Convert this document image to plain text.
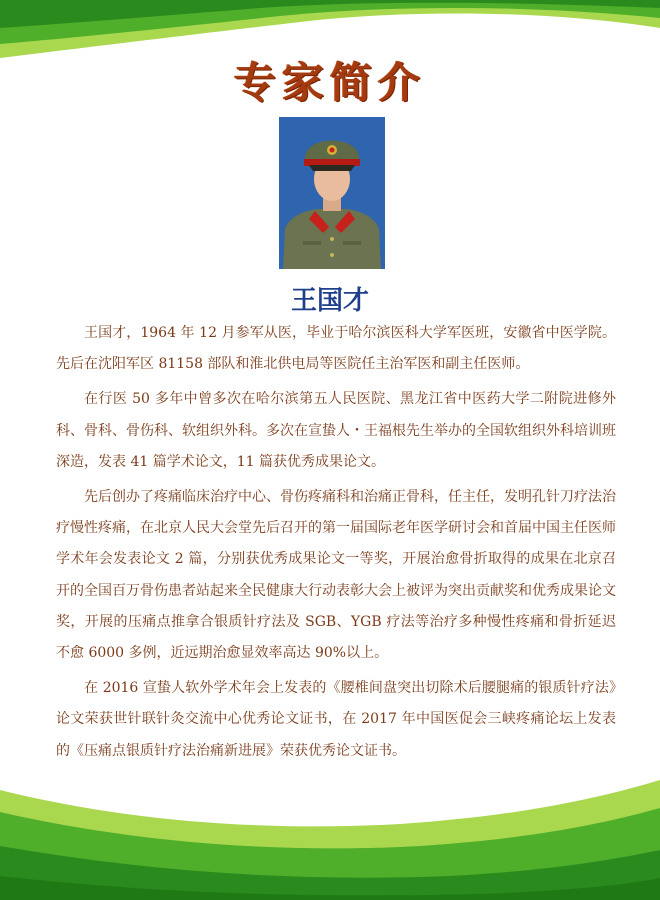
专家简介
王国才

王国才，1964 年 12 月参军从医，毕业于哈尔滨医科大学军医班，安徽省中医学院。先后在沈阳军区 81158 部队和淮北供电局等医院任主治军医和副主任医师。

在行医 50 多年中曾多次在哈尔滨第五人民医院、黑龙江省中医药大学二附院进修外科、骨科、骨伤科、软组织外科。多次在宣蛰人・王福根先生举办的全国软组织外科培训班深造，发表 41 篇学术论文，11 篇获优秀成果论文。

先后创办了疼痛临床治疗中心、骨伤疼痛科和治痛正骨科，任主任，发明孔针刀疗法治疗慢性疼痛，在北京人民大会堂先后召开的第一届国际老年医学研讨会和首届中国主任医师学术年会发表论文 2 篇，分别获优秀成果论文一等奖，开展治愈骨折取得的成果在北京召开的全国百万骨伤患者站起来全民健康大行动表彰大会上被评为突出贡献奖和优秀成果论文奖，开展的压痛点推拿合银质针疗法及 SGB、YGB 疗法等治疗多种慢性疼痛和骨折延迟不愈 6000 多例，近远期治愈显效率高达 90%以上。

在 2016 宣蛰人软外学术年会上发表的《腰椎间盘突出切除术后腰腿痛的银质针疗法》论文荣获世针联针灸交流中心优秀论文证书，在 2017 年中国医促会三峡疼痛论坛上发表的《压痛点银质针疗法治痛新进展》荣获优秀论文证书。
